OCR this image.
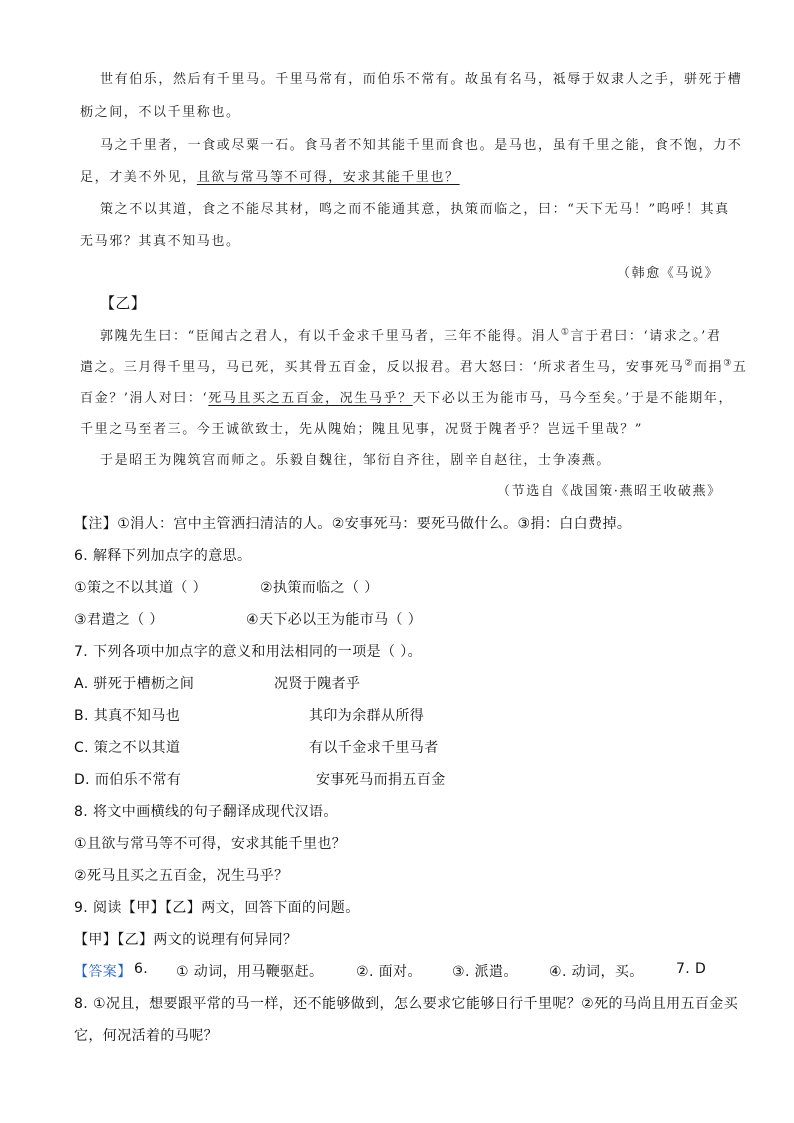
世有伯乐，然后有千里马。千里马常有，而伯乐不常有。故虽有名马，祗辱于奴隶人之手，骈死于槽
枥之间，不以千里称也。
马之千里者，一食或尽粟一石。食马者不知其能千里而食也。是马也，虽有千里之能，食不饱，力不
足，才美不外见，且欲与常马等不可得，安求其能千里也？
策之不以其道，食之不能尽其材，鸣之而不能通其意，执策而临之，曰：“天下无马！”呜呼！其真
无马邪？其真不知马也。
（韩愈《马说》
【乙】
郭隗先生曰：“臣闻古之君人，有以千金求千里马者，三年不能得。涓人①言于君曰：‘请求之。’君
遣之。三月得千里马，马已死，买其骨五百金，反以报君。君大怒曰：‘所求者生马，安事死马②而捐③五
百金？’涓人对曰：‘死马且买之五百金，况生马乎？天下必以王为能市马，马今至矣。’于是不能期年，
千里之马至者三。今王诚欲致士，先从隗始；隗且见事，况贤于隗者乎？岂远千里哉？”
于是昭王为隗筑宫而师之。乐毅自魏往，邹衍自齐往，剧辛自赵往，士争凑燕。
（节选自《战国策·燕昭王收破燕》
【注】①涓人：宫中主管洒扫清洁的人。②安事死马：要死马做什么。③捐：白白费掉。
6. 解释下列加点字的意思。
①策之不以其道（ ）	②执策而临之（ ）
③君遣之（ ）	④天下必以王为能市马（ ）
7. 下列各项中加点字的意义和用法相同的一项是（ ）。
A. 骈死于槽枥之间	况贤于隗者乎
B. 其真不知马也	其印为余群从所得
C. 策之不以其道	有以千金求千里马者
D. 而伯乐不常有	安事死马而捐五百金
8. 将文中画横线的句子翻译成现代汉语。
①且欲与常马等不可得，安求其能千里也？
②死马且买之五百金，况生马乎？
9. 阅读【甲】【乙】两文，回答下面的问题。
【甲】【乙】两文的说理有何异同？
【答案】 6. ① 动词，用马鞭驱赶。 ②. 面对。 ③. 派遣。 ④. 动词，买。 7. D
8. ①况且，想要跟平常的马一样，还不能够做到，怎么要求它能够日行千里呢？②死的马尚且用五百金买
它，何况活着的马呢？
